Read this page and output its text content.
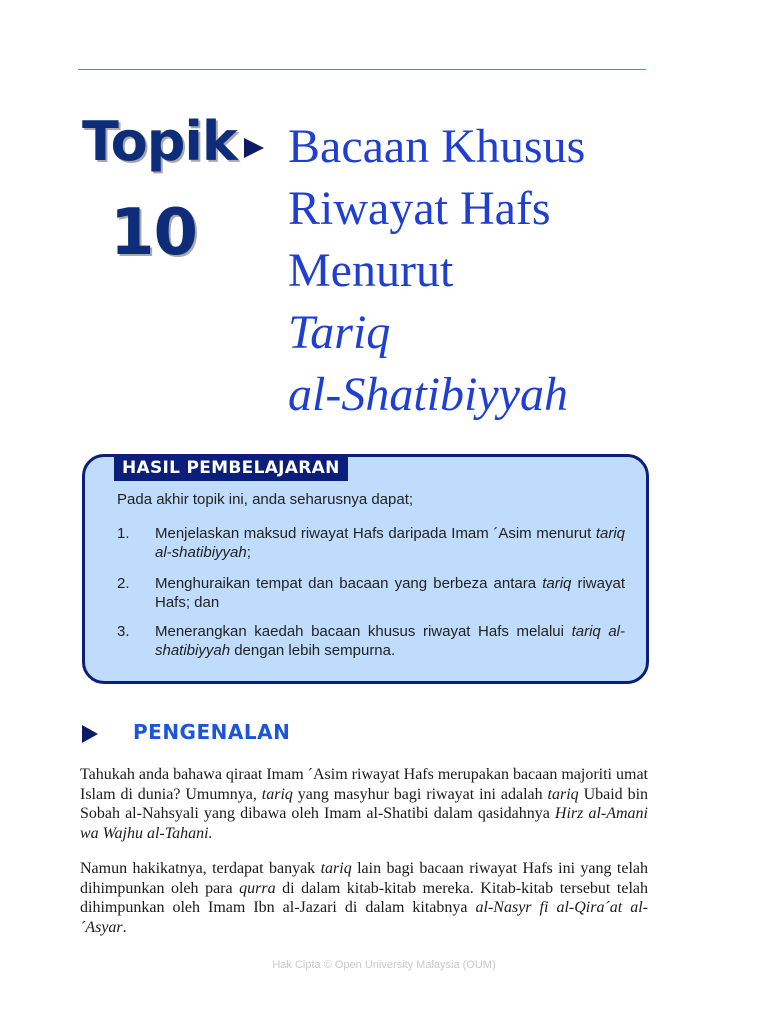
Topik
10
Bacaan Khusus
Riwayat Hafs
Menurut
Tariq
al-Shatibiyyah
HASIL PEMBELAJARAN
Pada akhir topik ini, anda seharusnya dapat;
1. Menjelaskan maksud riwayat Hafs daripada Imam ´Asim menurut tariq al-shatibiyyah;
2. Menghuraikan tempat dan bacaan yang berbeza antara tariq riwayat Hafs; dan
3. Menerangkan kaedah bacaan khusus riwayat Hafs melalui tariq al-shatibiyyah dengan lebih sempurna.
PENGENALAN
Tahukah anda bahawa qiraat Imam ´Asim riwayat Hafs merupakan bacaan majoriti umat Islam di dunia? Umumnya, tariq yang masyhur bagi riwayat ini adalah tariq Ubaid bin Sobah al-Nahsyali yang dibawa oleh Imam al-Shatibi dalam qasidahnya Hirz al-Amani wa Wajhu al-Tahani.
Namun hakikatnya, terdapat banyak tariq lain bagi bacaan riwayat Hafs ini yang telah dihimpunkan oleh para qurra di dalam kitab-kitab mereka. Kitab-kitab tersebut telah dihimpunkan oleh Imam Ibn al-Jazari di dalam kitabnya al-Nasyr fi al-Qira´at al-´Asyar.
Hak Cipta © Open University Malaysia (OUM)
